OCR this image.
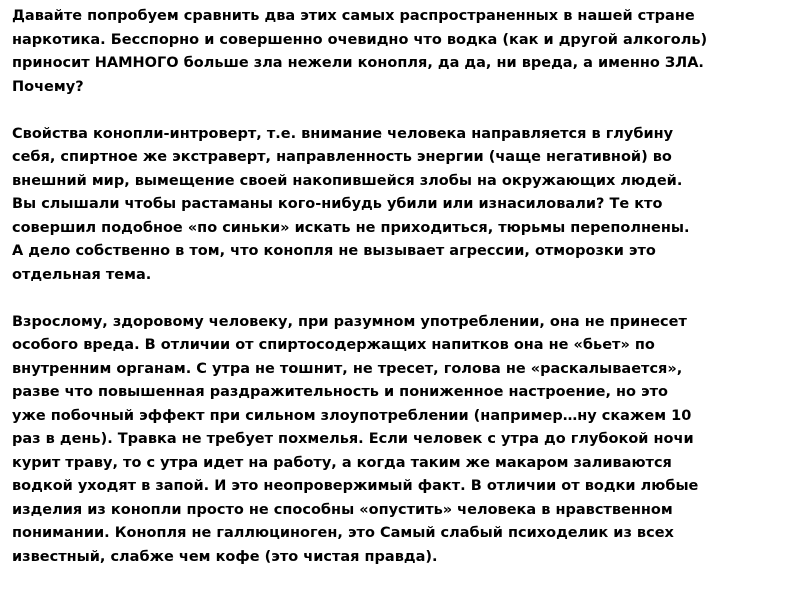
Давайте попробуем сравнить два этих самых распространенных в нашей стране
наркотика. Бесспорно и совершенно очевидно что водка (как и другой алкоголь)
приносит НАМНОГО больше зла нежели конопля, да да, ни вреда, а именно ЗЛА.
Почему?

Свойства конопли-интроверт, т.е. внимание человека направляется в глубину
себя, спиртное же экстраверт, направленность энергии (чаще негативной) во
внешний мир, вымещение своей накопившейся злобы на окружающих людей.
Вы слышали чтобы растаманы кого-нибудь убили или изнасиловали? Те кто
совершил подобное «по синьки» искать не приходиться, тюрьмы переполнены.
А дело собственно в том, что конопля не вызывает агрессии, отморозки это
отдельная тема.

Взрослому, здоровому человеку, при разумном употреблении, она не принесет
особого вреда. В отличии от спиртосодержащих напитков она не «бьет» по
внутренним органам. С утра не тошнит, не тресет, голова не «раскалывается»,
разве что повышенная раздражительность и пониженное настроение, но это
уже побочный эффект при сильном злоупотреблении (например…ну скажем 10
раз в день). Травка не требует похмелья. Если человек с утра до глубокой ночи
курит траву, то с утра идет на работу, а когда таким же макаром заливаются
водкой уходят в запой. И это неопровержимый факт. В отличии от водки любые
изделия из конопли просто не способны «опустить» человека в нравственном
понимании. Конопля не галлюциноген, это Самый слабый психоделик из всех
известный, слабже чем кофе (это чистая правда).
